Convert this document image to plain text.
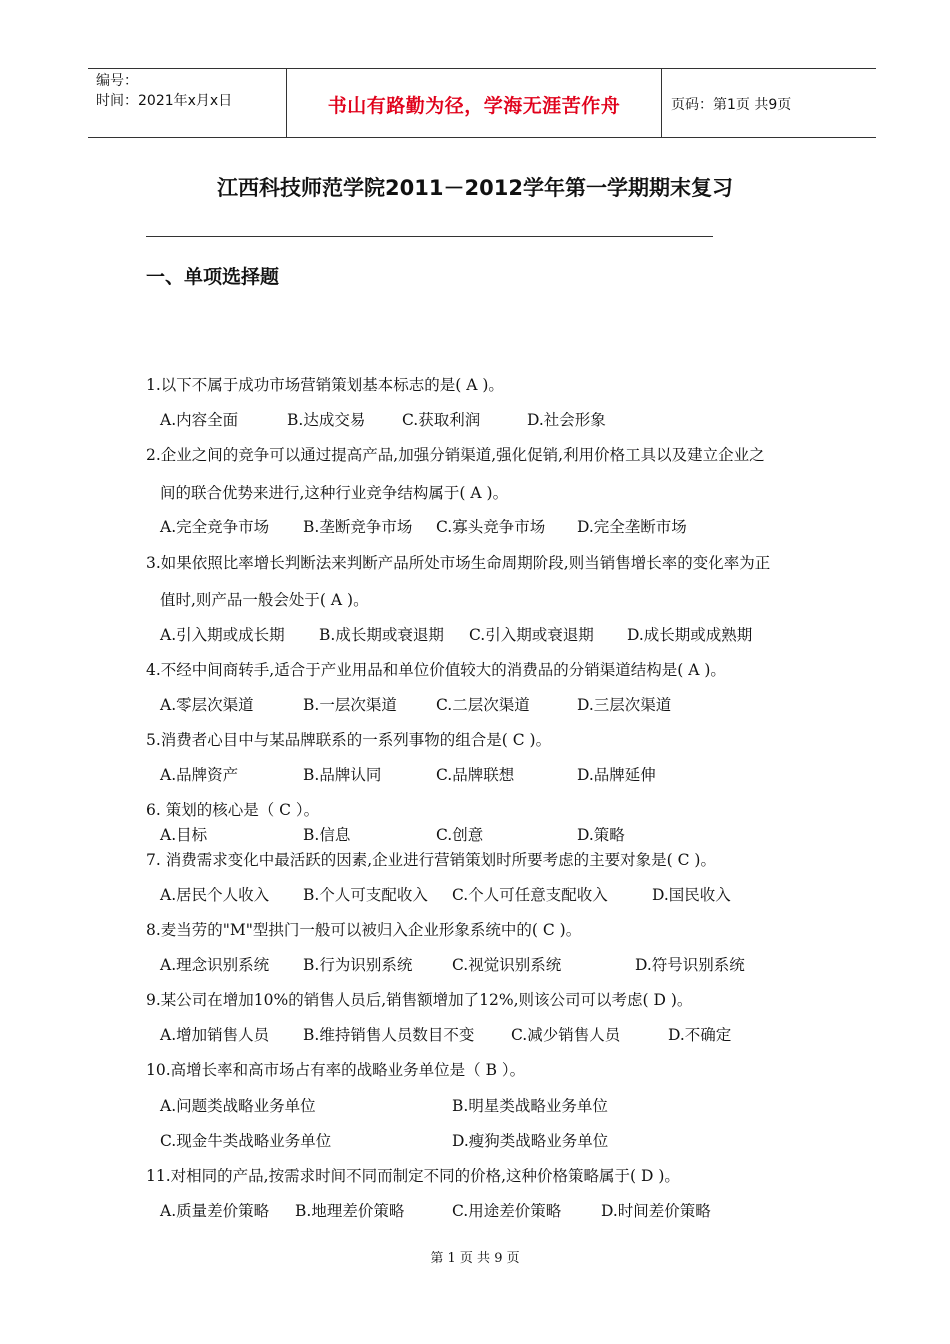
编号：
时间：2021年x月x日	书山有路勤为径，学海无涯苦作舟	页码：第1页 共9页
江西科技师范学院2011－2012学年第一学期期末复习
一、单项选择题
1.以下不属于成功市场营销策划基本标志的是( A )。
A.内容全面	B.达成交易 C.获取利润	D.社会形象
2.企业之间的竞争可以通过提高产品,加强分销渠道,强化促销,利用价格工具以及建立企业之
间的联合优势来进行,这种行业竞争结构属于( A )。
A.完全竞争市场 B.垄断竞争市场 C.寡头竞争市场 D.完全垄断市场
3.如果依照比率增长判断法来判断产品所处市场生命周期阶段,则当销售增长率的变化率为正
值时,则产品一般会处于( A )。
A.引入期或成长期 B.成长期或衰退期 C.引入期或衰退期 D.成长期或成熟期
4.不经中间商转手,适合于产业用品和单位价值较大的消费品的分销渠道结构是( A )。
A.零层次渠道	B.一层次渠道	C.二层次渠道	D.三层次渠道
5.消费者心目中与某品牌联系的一系列事物的组合是( C )。
A.品牌资产	B.品牌认同	C.品牌联想	D.品牌延伸
6. 策划的核心是（ C ）。
A.目标	B.信息	C.创意	D.策略
7. 消费需求变化中最活跃的因素,企业进行营销策划时所要考虑的主要对象是( C )。
A.居民个人收入 B.个人可支配收入 C.个人可任意支配收入	D.国民收入
8.麦当劳的"M"型拱门一般可以被归入企业形象系统中的( C )。
A.理念识别系统 B.行为识别系统	C.视觉识别系统	D.符号识别系统
9.某公司在增加10%的销售人员后,销售额增加了12%,则该公司可以考虑( D )。
A.增加销售人员 B.维持销售人员数目不变 C.减少销售人员	D.不确定
10.高增长率和高市场占有率的战略业务单位是（ B ）。
A.问题类战略业务单位	B.明星类战略业务单位
C.现金牛类战略业务单位	D.瘦狗类战略业务单位
11.对相同的产品,按需求时间不同而制定不同的价格,这种价格策略属于( D )。
A.质量差价策略 B.地理差价策略	C.用途差价策略	D.时间差价策略
第 1 页 共 9 页
